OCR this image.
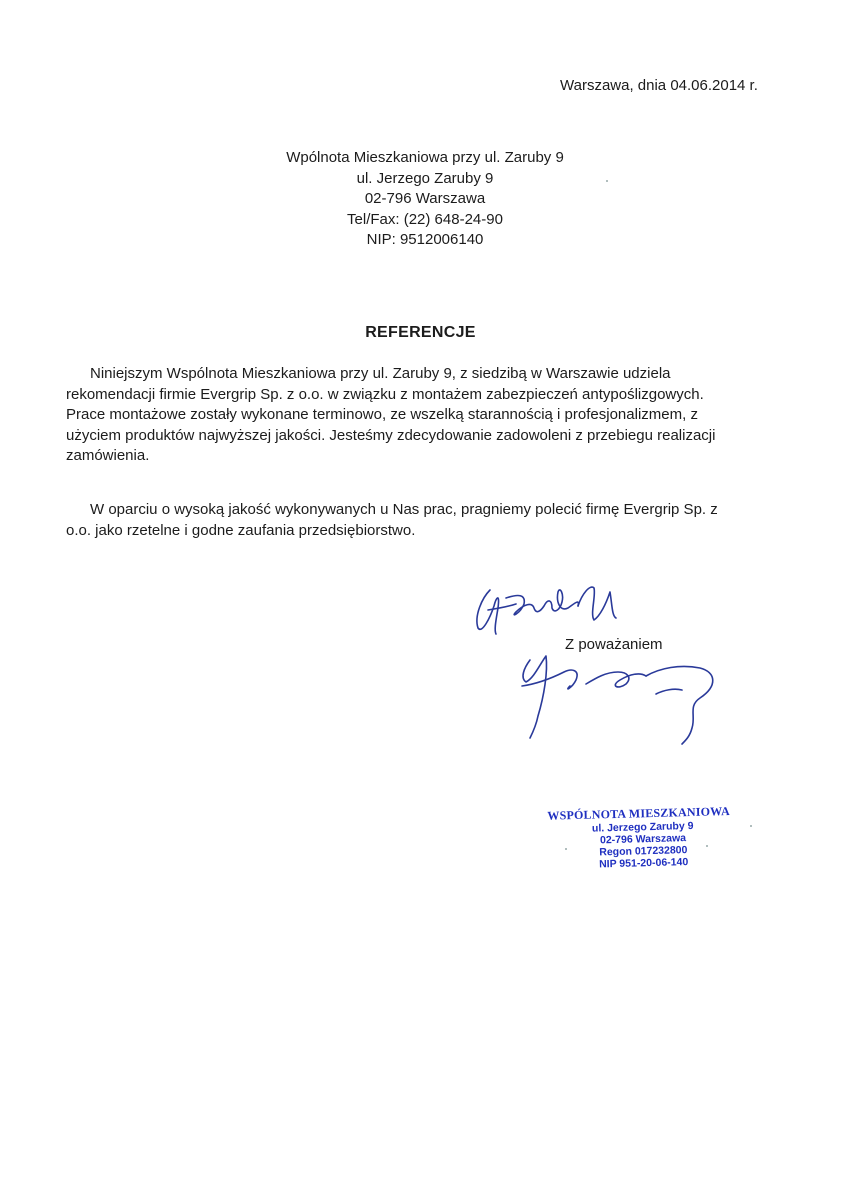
Warszawa, dnia 04.06.2014 r.
Wpólnota Mieszkaniowa przy ul. Zaruby 9
ul. Jerzego Zaruby 9
02-796 Warszawa
Tel/Fax: (22) 648-24-90
NIP: 9512006140
REFERENCJE
Niniejszym Wspólnota Mieszkaniowa przy ul. Zaruby 9, z siedzibą w Warszawie udziela
rekomendacji firmie Evergrip Sp. z o.o. w związku z montażem zabezpieczeń antypoślizgowych.
Prace montażowe zostały wykonane terminowo, ze wszelką starannością i profesjonalizmem, z
użyciem produktów najwyższej jakości. Jesteśmy zdecydowanie zadowoleni z przebiegu realizacji
zamówienia.
W oparciu o wysoką jakość wykonywanych u Nas prac, pragniemy polecić firmę Evergrip Sp. z
o.o. jako rzetelne i godne zaufania przedsiębiorstwo.
Z poważaniem
WSPÓLNOTA MIESZKANIOWA
ul. Jerzego Zaruby 9
02-796 Warszawa
Regon 017232800
NIP 951-20-06-140
